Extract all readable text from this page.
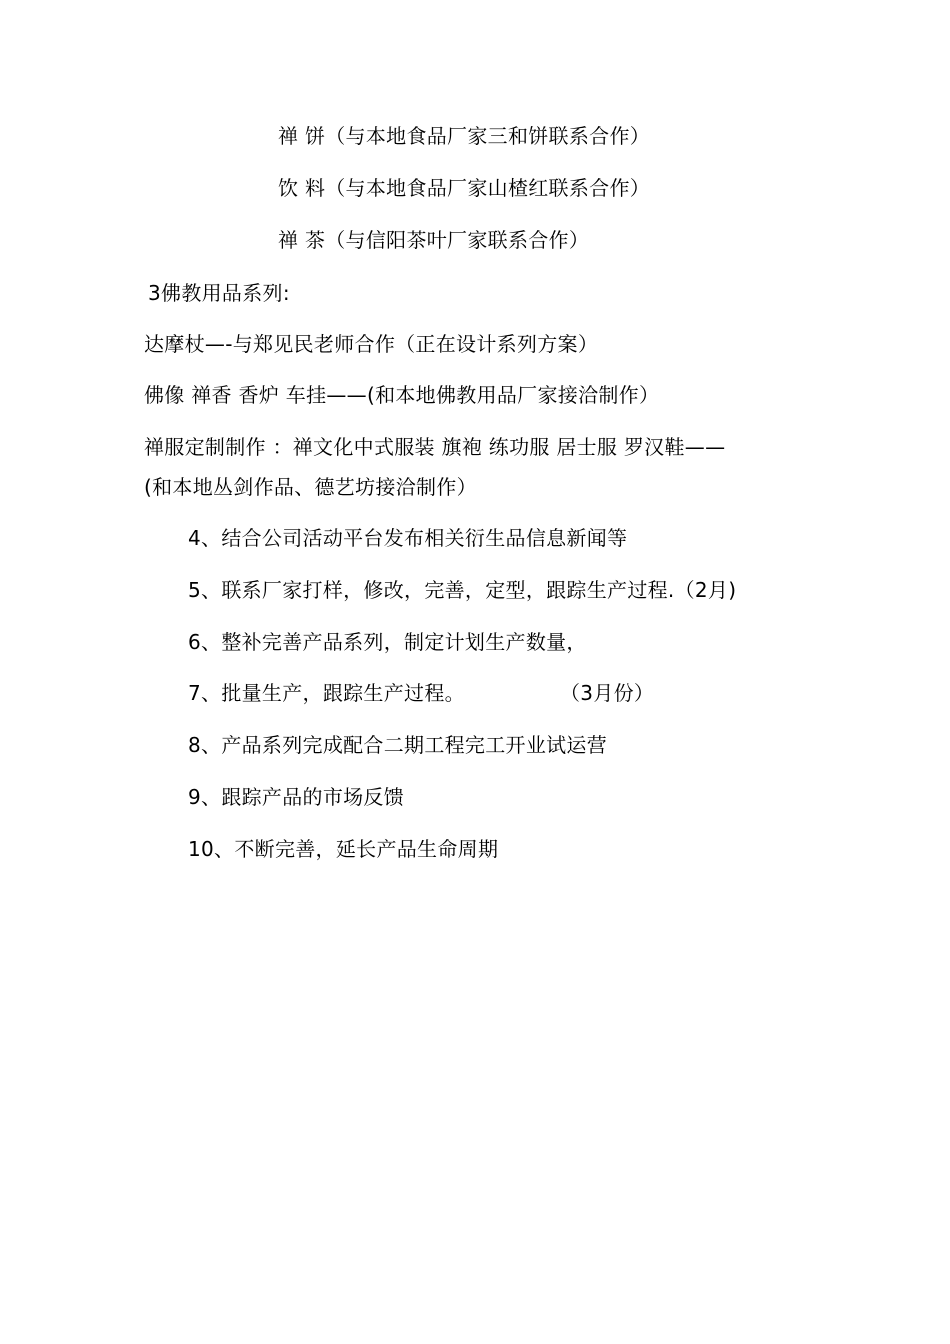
禅 饼（与本地食品厂家三和饼联系合作）
饮 料（与本地食品厂家山楂红联系合作）
禅 茶（与信阳茶叶厂家联系合作）
3佛教用品系列:
达摩杖—-与郑见民老师合作（正在设计系列方案）
佛像 禅香 香炉 车挂——(和本地佛教用品厂家接洽制作）
禅服定制制作 ：禅文化中式服装 旗袍 练功服 居士服 罗汉鞋——
(和本地丛剑作品、德艺坊接洽制作）
4、结合公司活动平台发布相关衍生品信息新闻等
5、联系厂家打样，修改，完善，定型，跟踪生产过程.（2月)
6、整补完善产品系列，制定计划生产数量，
7、批量生产，跟踪生产过程。	（3月份）
8、产品系列完成配合二期工程完工开业试运营
9、跟踪产品的市场反馈
10、不断完善，延长产品生命周期
